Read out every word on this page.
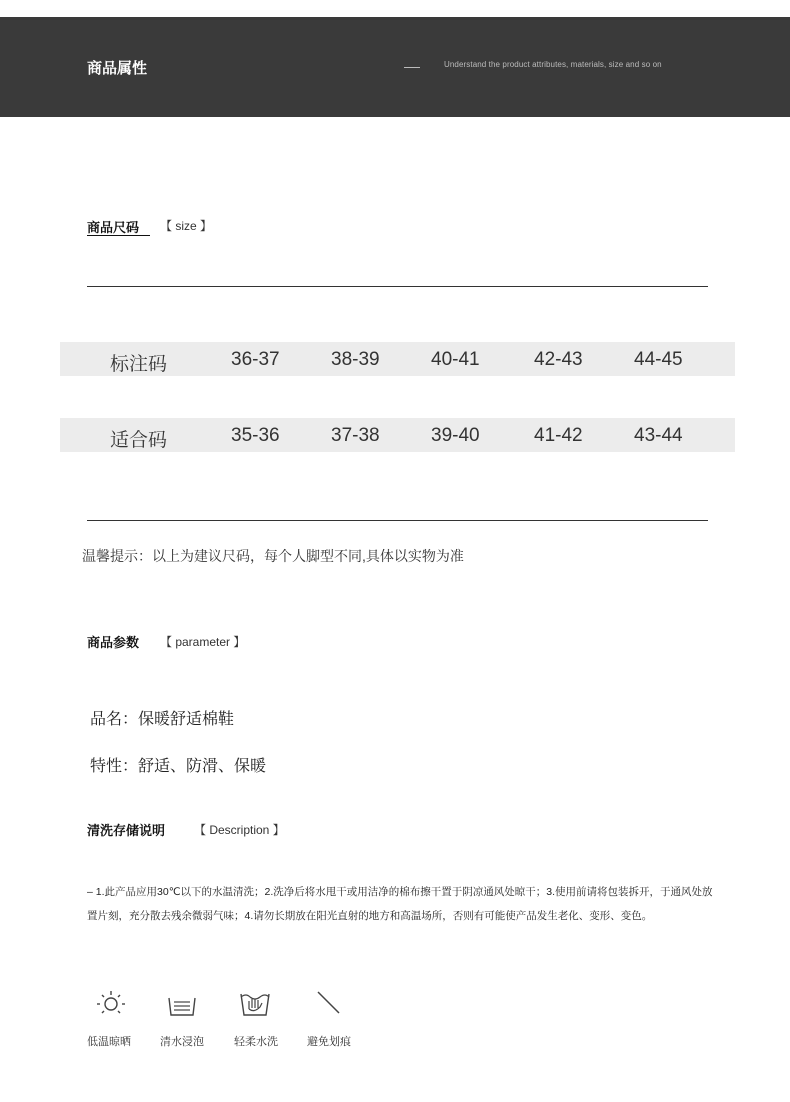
商品属性	Understand the product attributes, materials, size and so on
商品尺码 【 size 】
标注码	36-37	38-39	40-41	42-43	44-45
适合码	35-36	37-38	39-40	41-42	43-44
温馨提示：以上为建议尺码，每个人脚型不同,具体以实物为准
商品参数 【 parameter 】
品名：保暖舒适棉鞋
特性：舒适、防滑、保暖
清洗存储说明 【 Description 】
– 1.此产品应用30℃以下的水温清洗；2.洗净后将水甩干或用洁净的棉布擦干置于阴凉通风处晾干；3.使用前请将包装拆开，于通风处放置片刻，充分散去残余微弱气味；4.请勿长期放在阳光直射的地方和高温场所，否则有可能使产品发生老化、变形、变色。
低温晾晒	清水浸泡	轻柔水洗	避免划痕
